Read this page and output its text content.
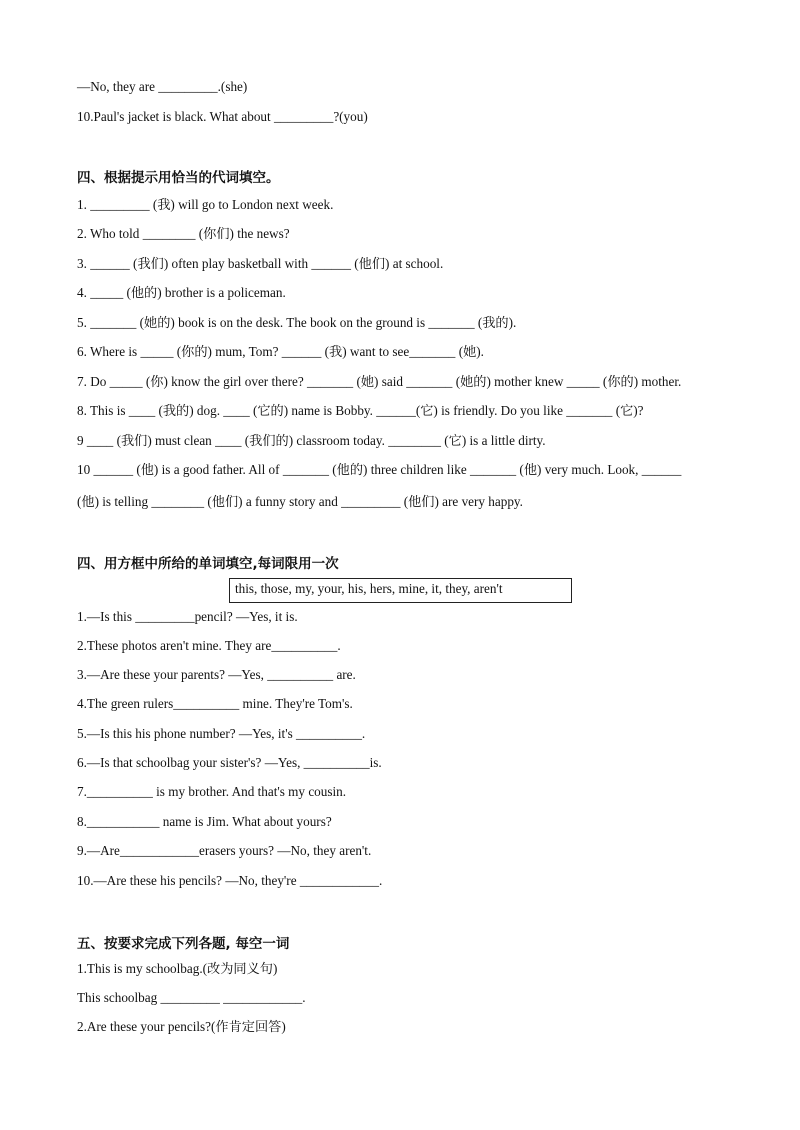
—No, they are _________.(she)
10.Paul's jacket is black. What about _________?(you)
四、根据提示用恰当的代词填空。
1. _________ (我) will go to London next week.
2. Who told ________ (你们) the news?
3. ______ (我们) often play basketball with ______ (他们) at school.
4. _____ (他的) brother is a policeman.
5. _______ (她的) book is on the desk. The book on the ground is _______ (我的).
6. Where is _____ (你的) mum, Tom? ______ (我) want to see_______ (她).
7. Do _____ (你) know the girl over there? _______ (她) said _______ (她的) mother knew _____ (你的) mother.
8. This is ____ (我的) dog. ____ (它的) name is Bobby. ______(它) is friendly. Do you like _______ (它)?
9 ____ (我们) must clean ____ (我们的) classroom today. ________ (它) is a little dirty.
10 ______ (他) is a good father. All of _______ (他的) three children like _______ (他) very much. Look, ______
(他) is telling ________ (他们) a funny story and _________ (他们) are very happy.
四、用方框中所给的单词填空,每词限用一次
this, those, my, your, his, hers, mine, it, they, aren't
1.—Is this _________pencil? —Yes, it is.
2.These photos aren't mine. They are__________.
3.—Are these your parents? —Yes, __________ are.
4.The green rulers__________ mine. They're Tom's.
5.—Is this his phone number? —Yes, it's __________.
6.—Is that schoolbag your sister's? —Yes, __________is.
7.__________ is my brother. And that's my cousin.
8.___________ name is Jim. What about yours?
9.—Are____________erasers yours? —No, they aren't.
10.—Are these his pencils? —No, they're ____________.
五、按要求完成下列各题, 每空一词
1.This is my schoolbag.(改为同义句)
This schoolbag _________ ____________.
2.Are these your pencils?(作肯定回答)
